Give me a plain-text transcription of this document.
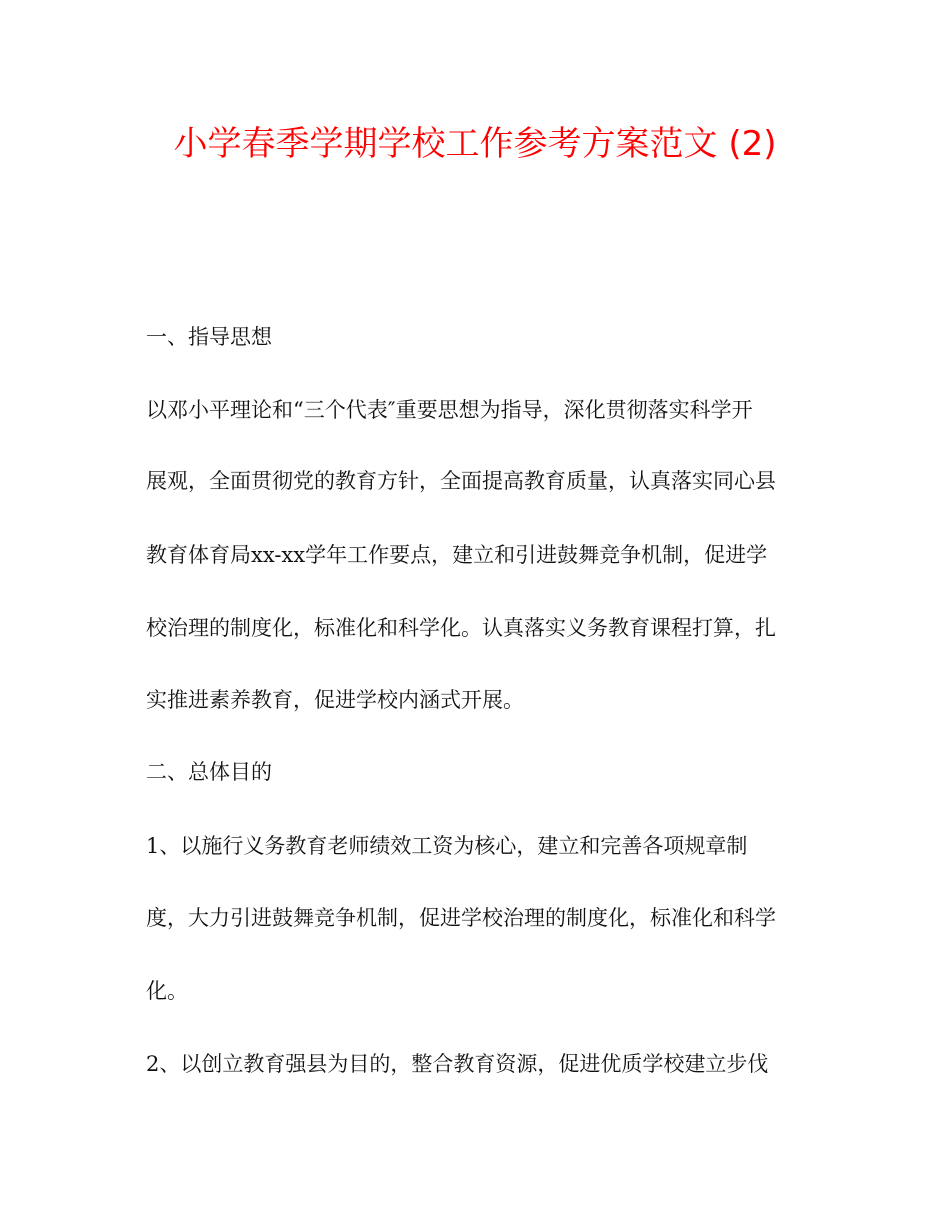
小学春季学期学校工作参考方案范文 (2)

一、指导思想

以邓小平理论和“三个代表″重要思想为指导，深化贯彻落实科学开

展观，全面贯彻党的教育方针，全面提高教育质量，认真落实同心县

教育体育局xx-xx学年工作要点，建立和引进鼓舞竞争机制，促进学

校治理的制度化，标准化和科学化。认真落实义务教育课程打算，扎

实推进素养教育，促进学校内涵式开展。

二、总体目的

1、以施行义务教育老师绩效工资为核心，建立和完善各项规章制

度，大力引进鼓舞竞争机制，促进学校治理的制度化，标准化和科学

化。

2、以创立教育强县为目的，整合教育资源，促进优质学校建立步伐
